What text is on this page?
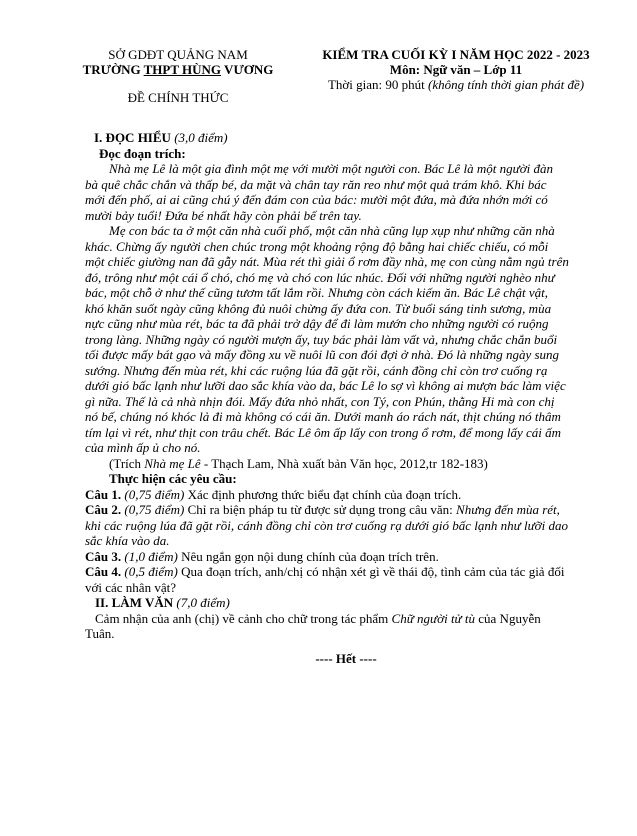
SỞ GDĐT QUẢNG NAM
TRƯỜNG THPT HÙNG VƯƠNG
ĐỀ CHÍNH THỨC
KIỂM TRA CUỐI KỲ I NĂM HỌC 2022 - 2023
Môn: Ngữ văn – Lớp 11
Thời gian: 90 phút (không tính thời gian phát đề)
I. ĐỌC HIỂU (3,0 điểm)
Đọc đoạn trích:
Nhà mẹ Lê là một gia đình một mẹ với mười một người con. Bác Lê là một người đàn
bà quê chắc chắn và thấp bé, da mặt và chân tay răn reo như một quả trám khô. Khi bác
mới đến phố, ai ai cũng chú ý đến đám con của bác: mười một đứa, mà đứa nhớn mới có
mười bảy tuổi! Đứa bé nhất hãy còn phải bế trên tay.
Mẹ con bác ta ở một căn nhà cuối phố, một căn nhà cũng lụp xụp như những căn nhà
khác. Chừng ấy người chen chúc trong một khoảng rộng độ bằng hai chiếc chiếu, có mỗi
một chiếc giường nan đã gẫy nát. Mùa rét thì giải ổ rơm đầy nhà, mẹ con cùng nằm ngủ trên
đó, trông như một cái ổ chó, chó mẹ và chó con lúc nhúc. Đối với những người nghèo như
bác, một chỗ ở như thế cũng tươm tất lắm rồi. Nhưng còn cách kiếm ăn. Bác Lê chật vật,
khó khăn suốt ngày cũng không đủ nuôi chừng ấy đứa con. Từ buổi sáng tinh sương, mùa
nực cũng như mùa rét, bác ta đã phải trở dậy để đi làm mướn cho những người có ruộng
trong làng. Những ngày có người mượn ấy, tuy bác phải làm vất vả, nhưng chắc chắn buổi
tối được mấy bát gạo và mấy đồng xu về nuôi lũ con đói đợi ở nhà. Đó là những ngày sung
sướng. Nhưng đến mùa rét, khi các ruộng lúa đã gặt rồi, cánh đồng chỉ còn trơ cuống rạ
dưới gió bấc lạnh như lưỡi dao sắc khía vào da, bác Lê lo sợ vì không ai mượn bác làm việc
gì nữa. Thế là cả nhà nhịn đói. Mấy đứa nhỏ nhất, con Tý, con Phún, thằng Hi mà con chị
nó bế, chúng nó khóc lả đi mà không có cái ăn. Dưới manh áo rách nát, thịt chúng nó thâm
tím lại vì rét, như thịt con trâu chết. Bác Lê ôm ấp lấy con trong ổ rơm, để mong lấy cái ấm
của mình ấp ủ cho nó.
(Trích Nhà mẹ Lê - Thạch Lam, Nhà xuất bản Văn học, 2012,tr 182-183)
Thực hiện các yêu cầu:
Câu 1. (0,75 điểm) Xác định phương thức biểu đạt chính của đoạn trích.
Câu 2. (0,75 điểm) Chỉ ra biện pháp tu từ được sử dụng trong câu văn: Nhưng đến mùa rét,
khi các ruộng lúa đã gặt rồi, cánh đồng chỉ còn trơ cuống rạ dưới gió bấc lạnh như lưỡi dao
sắc khía vào da.
Câu 3. (1,0 điểm) Nêu ngắn gọn nội dung chính của đoạn trích trên.
Câu 4. (0,5 điểm) Qua đoạn trích, anh/chị có nhận xét gì về thái độ, tình cảm của tác giả đối
với các nhân vật?
II. LÀM VĂN (7,0 điểm)
Cảm nhận của anh (chị) về cảnh cho chữ trong tác phẩm Chữ người tử tù của Nguyễn
Tuân.
---- Hết ----
